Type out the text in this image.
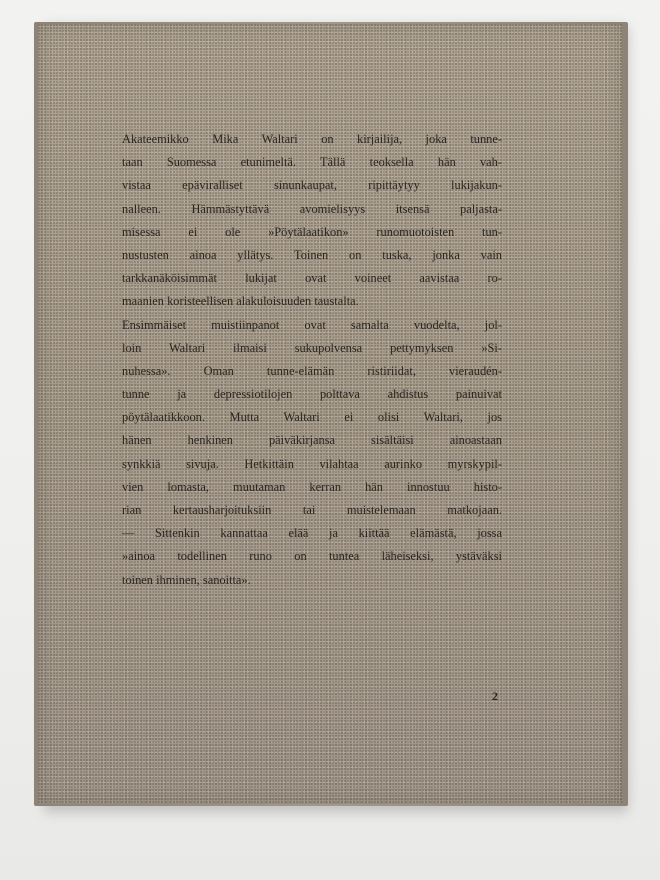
Akateemikko Mika Waltari on kirjailija, joka tunne-
taan Suomessa etunimeltä. Tällä teoksella hän vah-
vistaa epäviralliset sinunkaupat, ripittäytyy lukijakun-
nalleen. Hämmästyttävä avomielisyys itsensä paljasta-
misessa ei ole »Pöytälaatikon» runomuotoisten tun-
nustusten ainoa yllätys. Toinen on tuska, jonka vain
tarkkanäköisimmät lukijat ovat voineet aavistaa ro-
maanien koristeellisen alakuloisuuden taustalta.
Ensimmäiset muistiinpanot ovat samalta vuodelta, jol-
loin Waltari ilmaisi sukupolvensa pettymyksen »Si-
nuhessa». Oman tunne-elämän ristiriidat, vieraudén-
tunne ja depressiotilojen polttava ahdistus painuivat
pöytälaatikkoon. Mutta Waltari ei olisi Waltari, jos
hänen henkinen päiväkirjansa sisältäisi ainoastaan
synkkiä sivuja. Hetkittäin vilahtaa aurinko myrskypil-
vien lomasta, muutaman kerran hän innostuu histo-
rian kertausharjoituksiin tai muistelemaan matkojaan.
— Sittenkin kannattaa elää ja kiittää elämästä, jossa
»ainoa todellinen runo on tuntea läheiseksi, ystäväksi
toinen ihminen, sanoitta».
2
